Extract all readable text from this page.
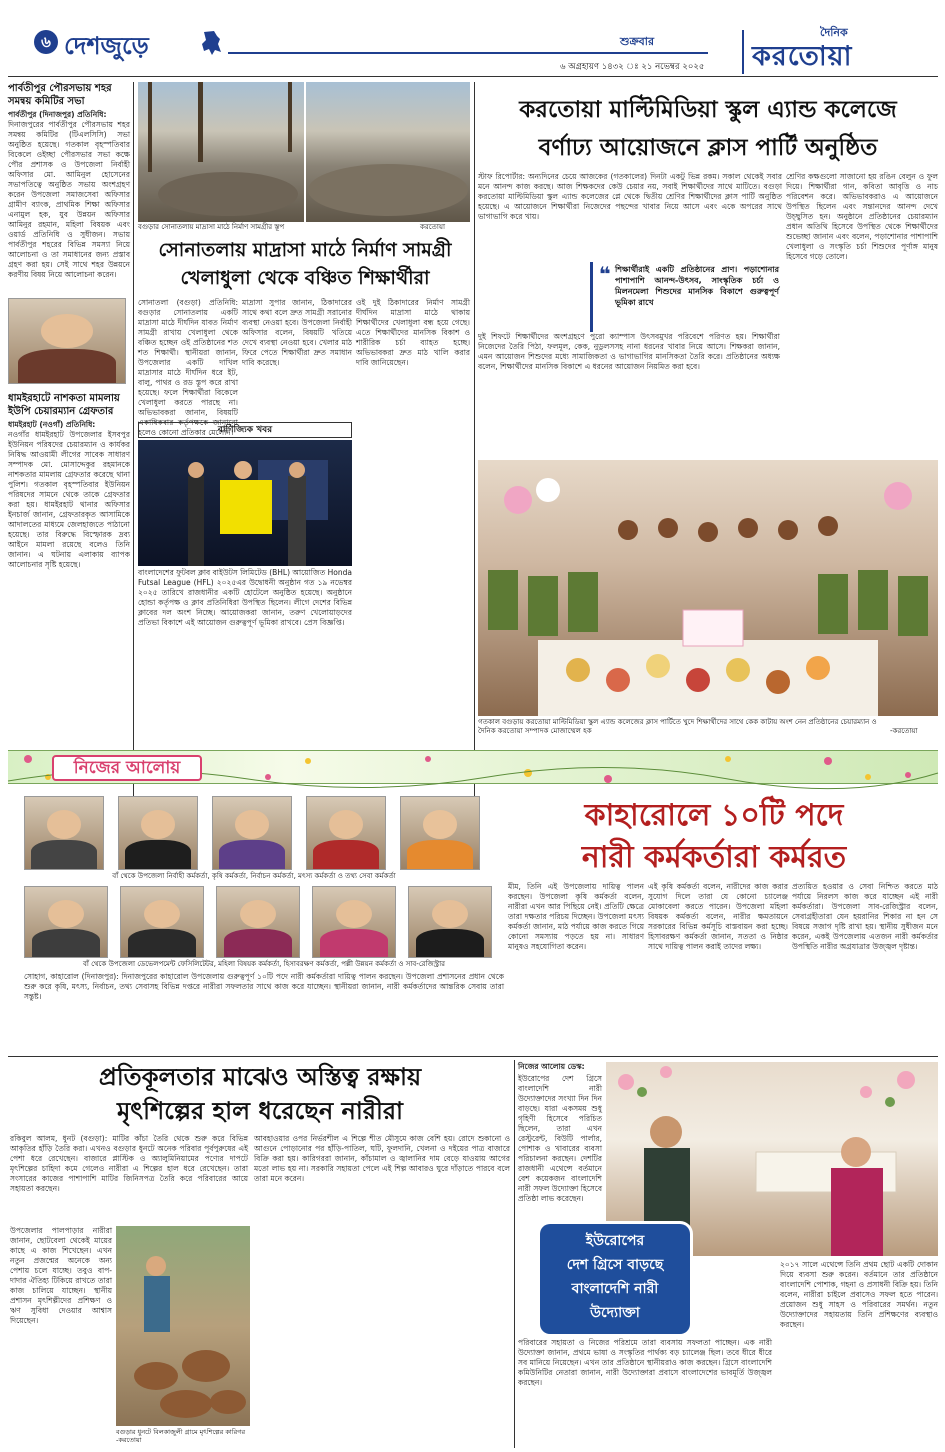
৬ দেশজুড়ে	শুক্রবার
৬ অগ্রহায়ণ ১৪৩২ ঃ ২১ নভেম্বর ২০২৫
দৈনিক
করতোয়া
পার্বতীপুর পৌরসভায় শহর সমন্বয় কমিটির সভা
পার্বতীপুর (দিনাজপুর) প্রতিনিধি:
দিনাজপুরের পার্বতীপুর পৌরসভায় শহর সমন্বয় কমিটির (টিএলসিসি) সভা অনুষ্ঠিত হয়েছে। গতকাল বৃহস্পতিবার বিকেলে ওইচ্ছা পৌরসভার সভা কক্ষে পৌর প্রশাসক ও উপজেলা নির্বাহী অফিসার মো. আমিনুল হোসেনের সভাপতিত্বে অনুষ্ঠিত সভায় অংশগ্রহণ করেন উপজেলা সমাজসেবা অফিসার গ্রামীণ ব্যাংক, প্রাথমিক শিক্ষা অফিসার এনামুল হক, যুব উন্নয়ন অফিসার আমিনুর রহমান, মহিলা বিষয়ক এবং ওয়ার্ড প্রতিনিধি ও সুধীজন। সভায় পার্বতীপুর শহরের বিভিন্ন সমস্যা নিয়ে আলোচনা ও তা সমাধানের জন্য প্রস্তাব গ্রহণ করা হয়। সেই সাথে শহর উন্নয়নে করণীয় বিষয় নিয়ে আলোচনা করেন।
ধামইরহাটে নাশকতা মামলায় ইউপি চেয়ারম্যান গ্রেফতার
ধামইরহাট (নওগাঁ) প্রতিনিধি:
নওগাঁর ধামইরহাট উপজেলার ইসবপুর ইউনিয়ন পরিষদের চেয়ারম্যান ও কার্যকর নিষিদ্ধ আওয়ামী লীগের সাবেক সাধারণ সম্পাদক মো. মোসাদ্দেকুর রহমানকে নাশকতার মামলায় গ্রেফতার করেছে থানা পুলিশ। গতকাল বৃহস্পতিবার ইউনিয়ন পরিষদের সামনে থেকে তাকে গ্রেফতার করা হয়। ধামইরহাট থানার অফিসার ইনচার্জ জানান, গ্রেফতারকৃত আসামিকে আদালতের মাধ্যমে জেলহাজতে পাঠানো হয়েছে। তার বিরুদ্ধে বিস্ফোরক দ্রব্য আইনে মামলা রয়েছে বলেও তিনি জানান। এ ঘটনায় এলাকায় ব্যাপক আলোচনার সৃষ্টি হয়েছে।
বগুড়ার সোনাতলায় মাদ্রাসা মাঠে নির্মাণ সামগ্রীর স্তূপ	করতোয়া
সোনাতলায় মাদ্রাসা মাঠে নির্মাণ সামগ্রী খেলাধুলা থেকে বঞ্চিত শিক্ষার্থীরা
সোনাতলা (বগুড়া) প্রতিনিধি: বগুড়ার সোনাতলায় একটি মাদ্রাসা মাঠে দীর্ঘদিন যাবত নির্মাণ সামগ্রী রাখায় খেলাধুলা থেকে বঞ্চিত হচ্ছেন ওই প্রতিষ্ঠানের শত শত শিক্ষার্থী। স্থানীয়রা জানান, উপজেলার একটি দাখিল মাদ্রাসার মাঠে দীর্ঘদিন ধরে ইট, বালু, পাথর ও রড স্তূপ করে রাখা হয়েছে। ফলে শিক্ষার্থীরা বিকেলে খেলাধুলা করতে পারছে না। অভিভাবকরা জানান, বিষয়টি একাধিকবার কর্তৃপক্ষকে জানানো হলেও কোনো প্রতিকার মেলেনি।
মাদ্রাসা সুপার জানান, ঠিকাদারের সাথে কথা বলে দ্রুত সামগ্রী সরানোর ব্যবস্থা নেওয়া হবে। উপজেলা নির্বাহী অফিসার বলেন, বিষয়টি খতিয়ে দেখে ব্যবস্থা নেওয়া হবে। খেলার মাঠ ফিরে পেতে শিক্ষার্থীরা দ্রুত সমাধান দাবি করেছে।
ওই দুই ঠিকাদারের নির্মাণ সামগ্রী দীর্ঘদিন মাদ্রাসা মাঠে থাকায় শিক্ষার্থীদের খেলাধুলা বন্ধ হয়ে গেছে। এতে শিক্ষার্থীদের মানসিক বিকাশ ও শারীরিক চর্চা ব্যাহত হচ্ছে। অভিভাবকরা দ্রুত মাঠ খালি করার দাবি জানিয়েছেন।
বাণিজ্যিক খবর
বাংলাদেশের ফুটবল ক্লাব বাইউটস লিমিটেড (BHL) আয়োজিত Honda Futsal League (HFL) ২০২৫এর উদ্বোধনী অনুষ্ঠান গত ১৯ নভেম্বর ২০২৫ তারিখে রাজধানীর একটি হোটেলে অনুষ্ঠিত হয়েছে। অনুষ্ঠানে হোন্ডা কর্তৃপক্ষ ও ক্লাব প্রতিনিধিরা উপস্থিত ছিলেন। লীগে দেশের বিভিন্ন ক্লাবের দল অংশ নিচ্ছে। আয়োজকরা জানান, তরুণ খেলোয়াড়দের প্রতিভা বিকাশে এই আয়োজন গুরুত্বপূর্ণ ভূমিকা রাখবে। প্রেস বিজ্ঞপ্তি।
করতোয়া মাল্টিমিডিয়া স্কুল এ্যান্ড কলেজে
বর্ণাঢ্য আয়োজনে ক্লাস পার্টি অনুষ্ঠিত
স্টাফ রিপোর্টার: অন্যদিনের চেয়ে আজকের (গতকালের) দিনটা একটু ভিন্ন রকম। সকাল থেকেই সবার মনে আনন্দ কাজ করছে। আজ শিক্ষকদের কেউ চেয়ার নয়, সবাই শিক্ষার্থীদের সাথে মাটিতে। বগুড়া করতোয়া মাল্টিমিডিয়া স্কুল এ্যান্ড কলেজের প্লে থেকে দ্বিতীয় শ্রেণির শিক্ষার্থীদের ক্লাস পার্টি অনুষ্ঠিত হয়েছে। এ আয়োজনে শিক্ষার্থীরা নিজেদের পছন্দের খাবার নিয়ে আসে এবং একে অপরের সাথে ভাগাভাগি করে খায়।
❝ শিক্ষার্থীরাই একটি প্রতিষ্ঠানের প্রাণ। পড়াশোনার পাশাপাশি আনন্দ-উৎসব, সাংস্কৃতিক চর্চা ও মিলনমেলা শিশুদের মানসিক বিকাশে গুরুত্বপূর্ণ ভূমিকা রাখে
দুই শিফটে শিক্ষার্থীদের অংশগ্রহণে পুরো ক্যাম্পাস উৎসবমুখর পরিবেশে পরিণত হয়। শিক্ষার্থীরা নিজেদের তৈরি পিঠা, ফলমূল, কেক, নুডুলসসহ নানা ধরনের খাবার নিয়ে আসে। শিক্ষকরা জানান, এমন আয়োজন শিশুদের মধ্যে সামাজিকতা ও ভাগাভাগির মানসিকতা তৈরি করে। প্রতিষ্ঠানের অধ্যক্ষ বলেন, শিক্ষার্থীদের মানসিক বিকাশে এ ধরনের আয়োজন নিয়মিত করা হবে।
শ্রেণির কক্ষগুলো সাজানো হয় রঙিন বেলুন ও ফুল দিয়ে। শিক্ষার্থীরা গান, কবিতা আবৃত্তি ও নাচ পরিবেশন করে। অভিভাবকরাও এ আয়োজনে উপস্থিত ছিলেন এবং সন্তানদের আনন্দ দেখে উচ্ছ্বসিত হন। অনুষ্ঠানে প্রতিষ্ঠানের চেয়ারম্যান প্রধান অতিথি হিসেবে উপস্থিত থেকে শিক্ষার্থীদের শুভেচ্ছা জানান এবং বলেন, পড়াশোনার পাশাপাশি খেলাধুলা ও সংস্কৃতি চর্চা শিশুদের পূর্ণাঙ্গ মানুষ হিসেবে গড়ে তোলে।
গতকাল বগুড়ায় করতোয়া মাল্টিমিডিয়া স্কুল এ্যান্ড কলেজের ক্লাস পার্টিতে খুদে শিক্ষার্থীদের সাথে কেক কাটায় অংশ নেন প্রতিষ্ঠানের চেয়ারম্যান ও দৈনিক করতোয়া সম্পাদক মোজাম্মেল হক	-করতোয়া
নিজের আলোয়
বাঁ থেকে উপজেলা নির্বাহী কর্মকর্তা, কৃষি কর্মকর্তা, নির্বাচন কর্মকর্তা, মৎস্য কর্মকর্তা ও তথ্য সেবা কর্মকর্তা
কাহারোলে ১০টি পদে
নারী কর্মকর্তারা কর্মরত
বাঁ থেকে উপজেলা ডেভেলপমেন্ট ফেসিলিটেটর, মহিলা বিষয়ক কর্মকর্তা, হিসাবরক্ষণ কর্মকর্তা, পল্লী উন্নয়ন কর্মকর্তা ও সাব-রেজিস্ট্রার
সোহাগ, কাহারোল (দিনাজপুর): দিনাজপুরের কাহারোল উপজেলায় গুরুত্বপূর্ণ ১০টি পদে নারী কর্মকর্তারা দায়িত্ব পালন করছেন। উপজেলা প্রশাসনের প্রধান থেকে শুরু করে কৃষি, মৎস্য, নির্বাচন, তথ্য সেবাসহ বিভিন্ন দপ্তরে নারীরা সফলতার সাথে কাজ করে যাচ্ছেন। স্থানীয়রা জানান, নারী কর্মকর্তাদের আন্তরিক সেবায় তারা সন্তুষ্ট।
মীম, তিনি এই উপজেলায় দায়িত্ব পালন করছেন। উপজেলা কৃষি কর্মকর্তা বলেন, নারীরা এখন আর পিছিয়ে নেই। প্রতিটি ক্ষেত্রে তারা দক্ষতার পরিচয় দিচ্ছেন। উপজেলা মৎস্য কর্মকর্তা জানান, মাঠ পর্যায়ে কাজ করতে গিয়ে কোনো সমস্যায় পড়তে হয় না। সাধারণ মানুষও সহযোগিতা করেন।
এই কৃষি কর্মকর্তা বলেন, নারীদের কাজ করার সুযোগ দিলে তারা যে কোনো চ্যালেঞ্জ মোকাবেলা করতে পারেন। উপজেলা মহিলা বিষয়ক কর্মকর্তা বলেন, নারীর ক্ষমতায়নে সরকারের বিভিন্ন কর্মসূচি বাস্তবায়ন করা হচ্ছে। হিসাবরক্ষণ কর্মকর্তা জানান, সততা ও নিষ্ঠার সাথে দায়িত্ব পালন করাই তাদের লক্ষ্য।
প্রত্যয়িত হওয়ার ও সেবা নিশ্চিত করতে মাঠ পর্যায়ে নিরলস কাজ করে যাচ্ছেন এই নারী কর্মকর্তারা। উপজেলা সাব-রেজিস্ট্রার বলেন, সেবাগ্রহীতারা যেন হয়রানির শিকার না হন সে বিষয়ে সজাগ দৃষ্টি রাখা হয়। স্থানীয় সুধীজন মনে করেন, একই উপজেলায় এতজন নারী কর্মকর্তার উপস্থিতি নারীর অগ্রযাত্রার উজ্জ্বল দৃষ্টান্ত।
প্রতিকূলতার মাঝেও অস্তিত্ব রক্ষায়
মৃৎশিল্পের হাল ধরেছেন নারীরা
রকিবুল আলম, ধুনট (বগুড়া): মাটির কাঁচা তৈরি থেকে শুরু করে বিভিন্ন আকৃতির হাঁড়ি তৈরি করা। এখনও বগুড়ার ধুনটে অনেক পরিবার পূর্বপুরুষের এই পেশা ধরে রেখেছেন। বাজারে প্লাস্টিক ও অ্যালুমিনিয়ামের পণ্যের দাপটে মৃৎশিল্পের চাহিদা কমে গেলেও নারীরা এ শিল্পের হাল ধরে রেখেছেন। তারা সংসারের কাজের পাশাপাশি মাটির জিনিসপত্র তৈরি করে পরিবারের আয়ে সহায়তা করছেন।
আবহাওয়ার ওপর নির্ভরশীল এ শিল্পে শীত মৌসুমে কাজ বেশি হয়। রোদে শুকানো ও আগুনে পোড়ানোর পর হাঁড়ি-পাতিল, ঘটি, ফুলদানি, খেলনা ও দইয়ের পাত্র বাজারে বিক্রি করা হয়। কারিগররা জানান, কাঁচামাল ও জ্বালানির দাম বেড়ে যাওয়ায় আগের মতো লাভ হয় না। সরকারি সহায়তা পেলে এই শিল্প আবারও ঘুরে দাঁড়াতে পারবে বলে তারা মনে করেন।
উপজেলার পালপাড়ার নারীরা জানান, ছোটবেলা থেকেই মায়ের কাছে এ কাজ শিখেছেন। এখন নতুন প্রজন্মের অনেকে অন্য পেশায় চলে যাচ্ছে। তবুও বাপ-দাদার ঐতিহ্য টিকিয়ে রাখতে তারা কাজ চালিয়ে যাচ্ছেন। স্থানীয় প্রশাসন মৃৎশিল্পীদের প্রশিক্ষণ ও ঋণ সুবিধা দেওয়ার আশ্বাস দিয়েছেন।
বগুড়ার ধুনটে বিলকাজুলী গ্রামে মৃৎশিল্পের কারিগর -করতোয়া
নিজের আলোয় ডেস্ক:
ইউরোপের দেশ গ্রিসে বাংলাদেশি নারী উদ্যোক্তাদের সংখ্যা দিন দিন বাড়ছে। যারা একসময় শুধু গৃহিণী হিসেবে পরিচিত ছিলেন, তারা এখন রেস্টুরেন্ট, বিউটি পার্লার, পোশাক ও খাবারের ব্যবসা পরিচালনা করছেন। দেশটির রাজধানী এথেন্সে বর্তমানে বেশ কয়েকজন বাংলাদেশি নারী সফল উদ্যোক্তা হিসেবে প্রতিষ্ঠা লাভ করেছেন।
ইউরোপের
দেশ গ্রিসে বাড়ছে
বাংলাদেশি নারী
উদ্যোক্তা
পরিবারের সহায়তা ও নিজের পরিশ্রমে তারা ব্যবসায় সফলতা পাচ্ছেন। এক নারী উদ্যোক্তা জানান, প্রথমে ভাষা ও সংস্কৃতির পার্থক্য বড় চ্যালেঞ্জ ছিল। তবে ধীরে ধীরে সব মানিয়ে নিয়েছেন। এখন তার প্রতিষ্ঠানে স্থানীয়রাও কাজ করছেন। গ্রিসে বাংলাদেশি কমিউনিটির নেতারা জানান, নারী উদ্যোক্তারা প্রবাসে বাংলাদেশের ভাবমূর্তি উজ্জ্বল করছেন।
২০১৭ সালে এথেন্সে তিনি প্রথম ছোট একটি দোকান দিয়ে ব্যবসা শুরু করেন। বর্তমানে তার প্রতিষ্ঠানে বাংলাদেশি পোশাক, গহনা ও প্রসাধনী বিক্রি হয়। তিনি বলেন, নারীরা চাইলে প্রবাসেও সফল হতে পারেন। প্রয়োজন শুধু সাহস ও পরিবারের সমর্থন। নতুন উদ্যোক্তাদের সহায়তায় তিনি প্রশিক্ষণের ব্যবস্থাও করছেন।
